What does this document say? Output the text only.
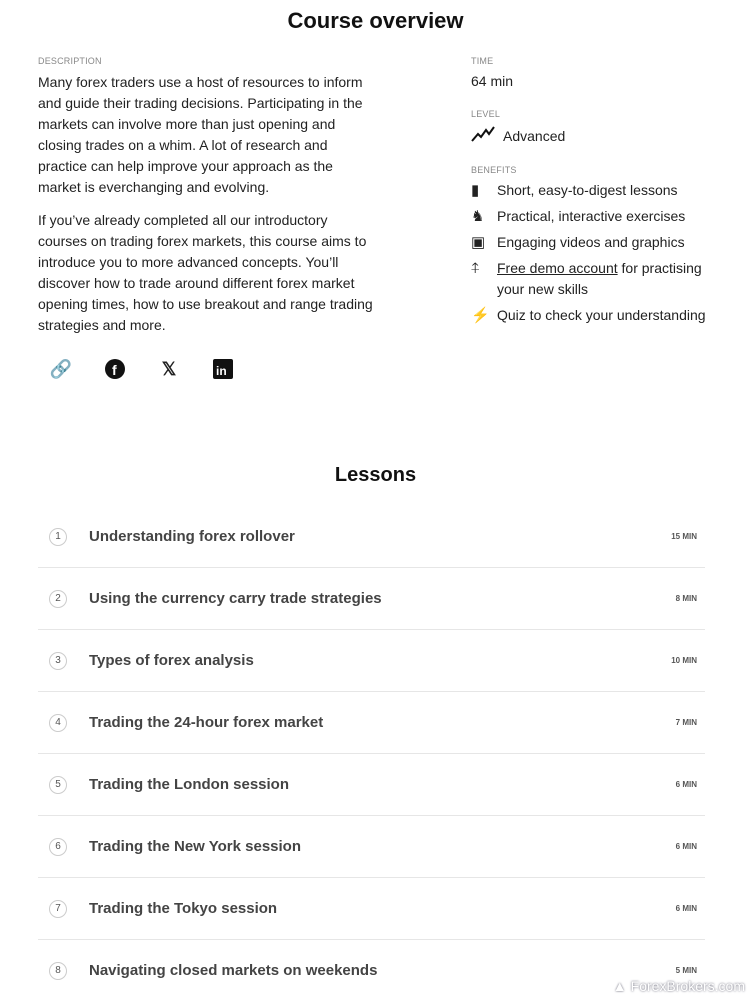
Course overview
DESCRIPTION

Many forex traders use a host of resources to inform and guide their trading decisions. Participating in the markets can involve more than just opening and closing trades on a whim. A lot of research and practice can help improve your approach as the market is everchanging and evolving.

If you’ve already completed all our introductory courses on trading forex markets, this course aims to introduce you to more advanced concepts. You’ll discover how to trade around different forex market opening times, how to use breakout and range trading strategies and more.

🔗	f	𝕏	in
TIME
64 min
LEVEL
Advanced
BENEFITS
▮	Short, easy-to-digest lessons
♞ Practical, interactive exercises
▣ Engaging videos and graphics
⍏	Free demo account for practising your new skills
⚡ Quiz to check your understanding
Lessons
1	Understanding forex rollover	15 MIN
2	Using the currency carry trade strategies	8 MIN
3	Types of forex analysis	10 MIN
4	Trading the 24-hour forex market	7 MIN
5	Trading the London session	6 MIN
6	Trading the New York session	6 MIN
7	Trading the Tokyo session	6 MIN
8	Navigating closed markets on weekends	5 MIN
▲ ForexBrokers.com
